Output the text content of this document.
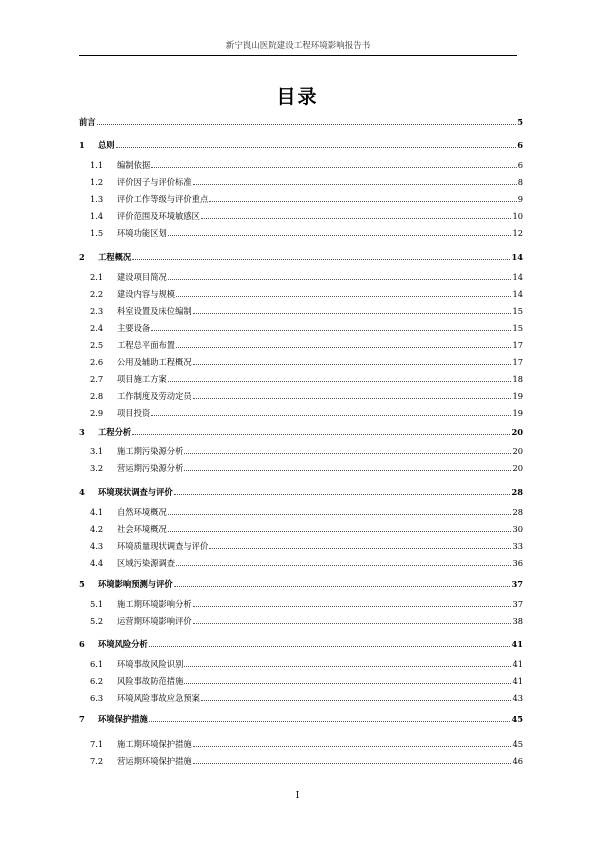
新宁崀山医院建设工程环境影响报告书
目录
前言	5
1	总则	6
1.1	编制依据	6
1.2	评价因子与评价标准	8
1.3	评价工作等级与评价重点	9
1.4	评价范围及环境敏感区	10
1.5	环境功能区划	12
2	工程概况	14
2.1	建设项目简况	14
2.2	建设内容与规模	14
2.3	科室设置及床位编制	15
2.4	主要设备	15
2.5	工程总平面布置	17
2.6	公用及辅助工程概况	17
2.7	项目施工方案	18
2.8	工作制度及劳动定员	19
2.9	项目投资	19
3	工程分析	20
3.1	施工期污染源分析	20
3.2	营运期污染源分析	20
4	环境现状调查与评价	28
4.1	自然环境概况	28
4.2	社会环境概况	30
4.3	环境质量现状调查与评价	33
4.4	区域污染源调查	36
5	环境影响预测与评价	37
5.1	施工期环境影响分析	37
5.2	运营期环境影响评价	38
6	环境风险分析	41
6.1	环境事故风险识别	41
6.2	风险事故防范措施	41
6.3	环境风险事故应急预案	43
7	环境保护措施	45
7.1	施工期环境保护措施	45
7.2	营运期环境保护措施	46
I
